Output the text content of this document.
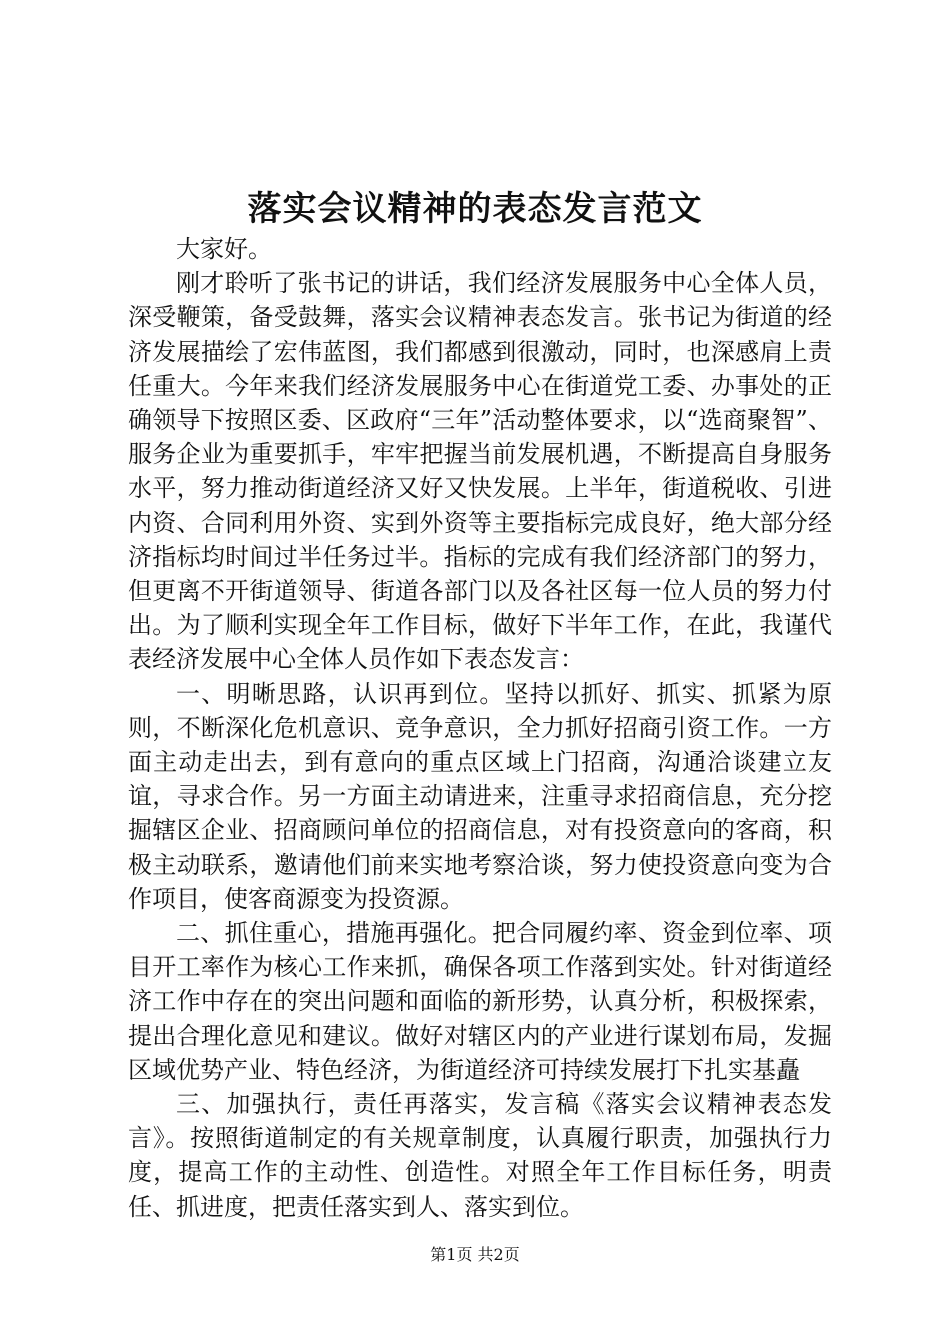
落实会议精神的表态发言范文

大家好。

刚才聆听了张书记的讲话，我们经济发展服务中心全体人员，深受鞭策，备受鼓舞，落实会议精神表态发言。张书记为街道的经济发展描绘了宏伟蓝图，我们都感到很激动，同时，也深感肩上责任重大。今年来我们经济发展服务中心在街道党工委、办事处的正确领导下按照区委、区政府“三年”活动整体要求，以“选商聚智”、服务企业为重要抓手，牢牢把握当前发展机遇，不断提高自身服务水平，努力推动街道经济又好又快发展。上半年，街道税收、引进内资、合同利用外资、实到外资等主要指标完成良好，绝大部分经济指标均时间过半任务过半。指标的完成有我们经济部门的努力，但更离不开街道领导、街道各部门以及各社区每一位人员的努力付出。为了顺利实现全年工作目标，做好下半年工作，在此，我谨代表经济发展中心全体人员作如下表态发言：

一、明晰思路，认识再到位。坚持以抓好、抓实、抓紧为原则，不断深化危机意识、竞争意识，全力抓好招商引资工作。一方面主动走出去，到有意向的重点区域上门招商，沟通洽谈建立友谊，寻求合作。另一方面主动请进来，注重寻求招商信息，充分挖掘辖区企业、招商顾问单位的招商信息，对有投资意向的客商，积极主动联系，邀请他们前来实地考察洽谈，努力使投资意向变为合作项目，使客商源变为投资源。

二、抓住重心，措施再强化。把合同履约率、资金到位率、项目开工率作为核心工作来抓，确保各项工作落到实处。针对街道经济工作中存在的突出问题和面临的新形势，认真分析，积极探索，提出合理化意见和建议。做好对辖区内的产业进行谋划布局，发掘区域优势产业、特色经济，为街道经济可持续发展打下扎实基矗

三、加强执行，责任再落实，发言稿《落实会议精神表态发言》。按照街道制定的有关规章制度，认真履行职责，加强执行力度，提高工作的主动性、创造性。对照全年工作目标任务，明责任、抓进度，把责任落实到人、落实到位。

第1页 共2页
